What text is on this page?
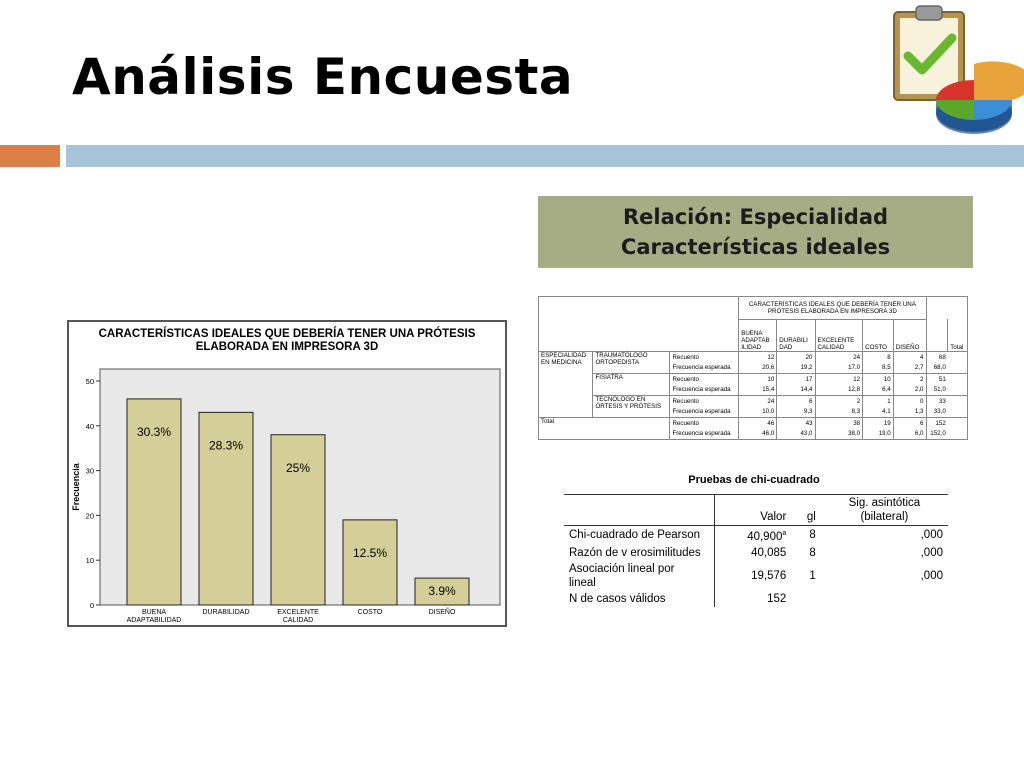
Análisis Encuesta
Relación: Especialidad
Características ideales
CARACTERÍSTICAS IDEALES QUE DEBERÍA TENER UNA PRÓTESIS
ELABORADA EN IMPRESORA 3D
0
10
20
30
40
50
Frecuencia
30.3%
BUENA
ADAPTABILIDAD
28.3%
DURABILIDAD
25%
EXCELENTE
CALIDAD
12.5%
COSTO
3.9%
DISEÑO

			CARACTERÍSTICAS IDEALES QUE DEBERÍA TENER UNA
PRÓTESIS ELABORADA EN IMPRESORA 3D						

			BUENA
ADAPTAB
ILIDAD	DURABILI
DAD	EXCELENTE
CALIDAD	COSTO	DISEÑO		Total
ESPECIALIDAD
EN MEDICINA	TRAUMATÓLOGO
ORTOPEDISTA	Recuento	12	20	24	8	4	68	
		Frecuencia esperada	20,6	19,2	17,0	8,5	2,7	68,0	
	FISIATRA	Recuento	10	17	12	10	2	51	
		Frecuencia esperada	15,4	14,4	12,8	6,4	2,0	51,0	
	TECNÓLOGO EN
ÓRTESIS Y PRÓTESIS	Recuento	24	6	2	1	0	33	
		Frecuencia esperada	10,0	9,3	8,3	4,1	1,3	33,0	
Total		Recuento	46	43	38	19	6	152	
		Frecuencia esperada	46,0	43,0	38,0	19,0	6,0	152,0	
Pruebas de chi-cuadrado
	Valor	gl	Sig. asintótica
(bilateral)
Chi-cuadrado de Pearson	40,900$^a$	8	,000
Razón de v erosimilitudes	40,085	8	,000
Asociación lineal por
lineal	19,576	1	,000
N de casos válidos	152		
